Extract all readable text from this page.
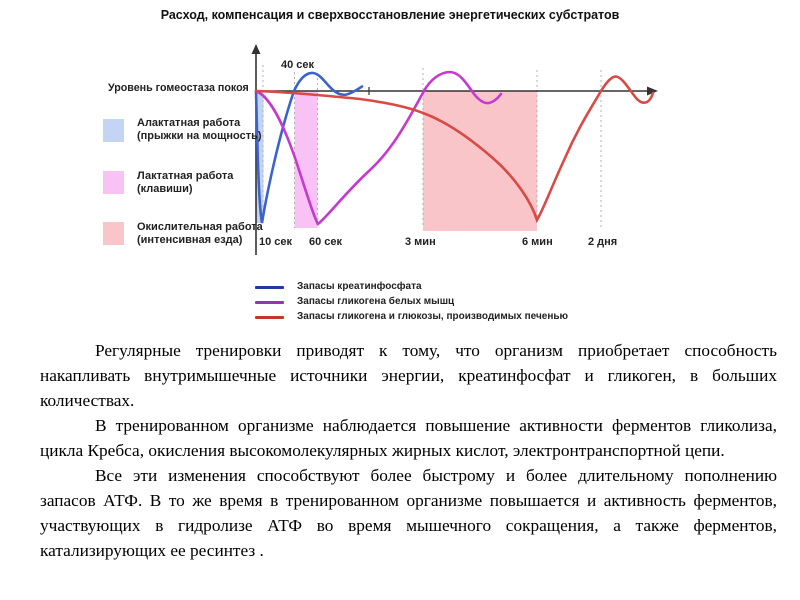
Расход, компенсация и сверхвосстановление энергетических субстратов
Уровень гомеостаза покоя
40 сек
10 сек 60 сек	3 мин	6 мин	2 дня
Алактатная работа
(прыжки на мощность)
Лактатная работа
(клавиши)
Окислительная работа
(интенсивная езда)
Запасы креатинфосфата
Запасы гликогена белых мышц
Запасы гликогена и глюкозы, производимых печенью

Регулярные тренировки приводят к тому, что организм приобретает способность накапливать внутримышечные источники энергии, креатинфосфат и гликоген, в больших количествах.

В тренированном организме наблюдается повышение активности ферментов гликолиза, цикла Кребса, окисления высокомолекулярных жирных кислот, электронтранспортной цепи.

Все эти изменения способствуют более быстрому и более длительному пополнению запасов АТФ. В то же время в тренированном организме повышается и активность ферментов, участвующих в гидролизе АТФ во время мышечного сокращения, а также ферментов, катализирующих ее ресинтез .
